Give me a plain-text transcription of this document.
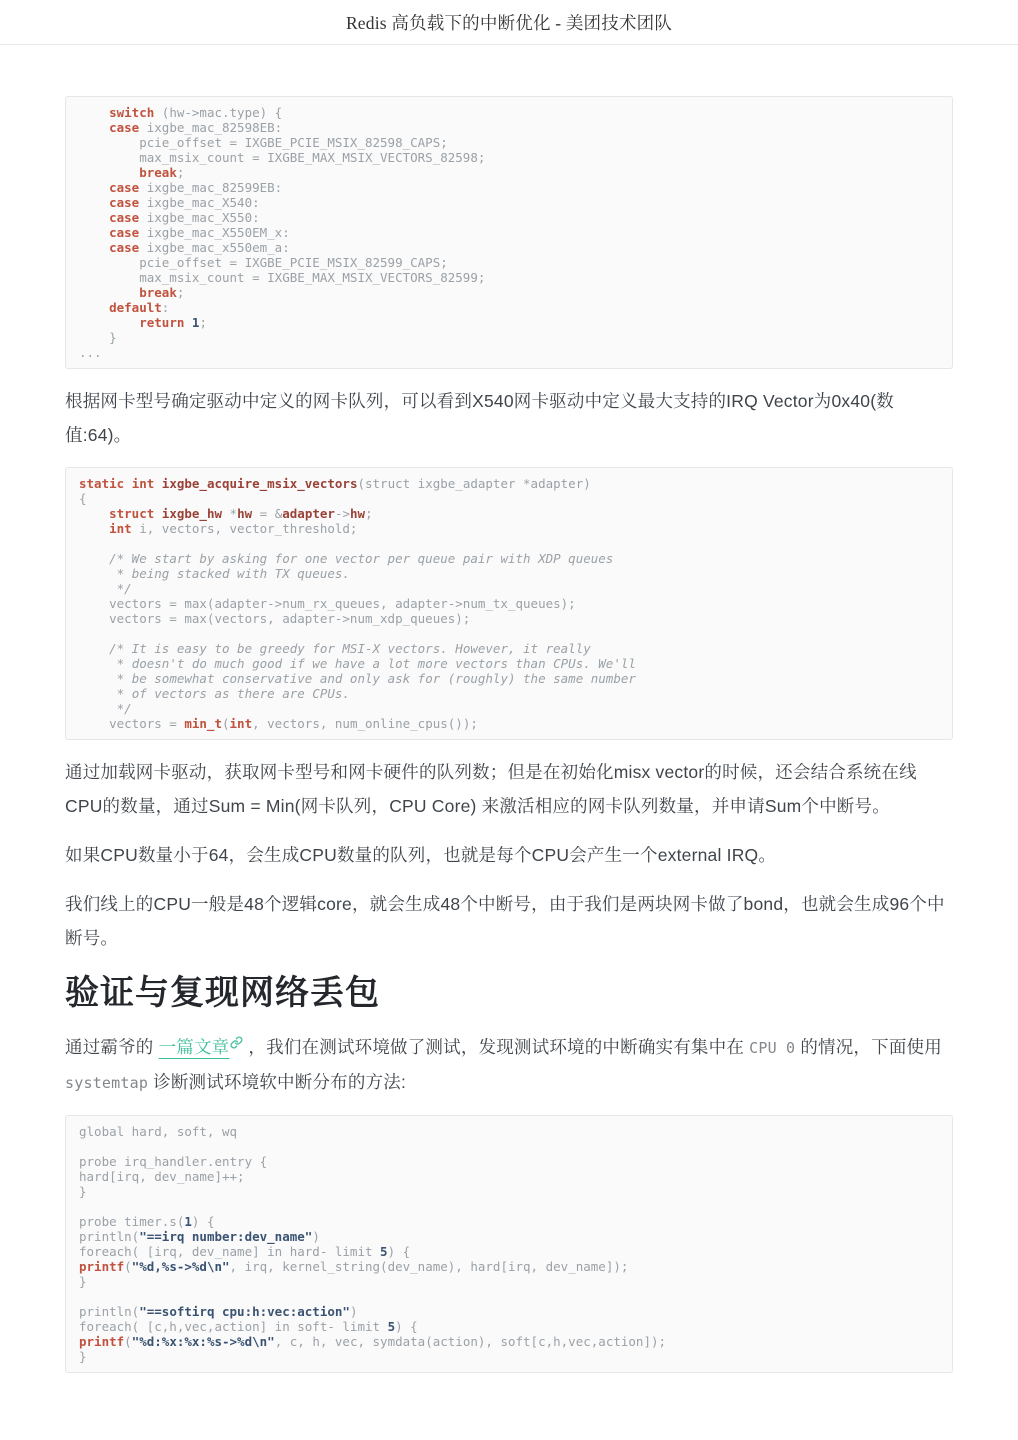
Redis 高负载下的中断优化 - 美团技术团队
switch (hw->mac.type) {
case ixgbe_mac_82598EB:
pcie_offset = IXGBE_PCIE_MSIX_82598_CAPS;
max_msix_count = IXGBE_MAX_MSIX_VECTORS_82598;
break;
case ixgbe_mac_82599EB:
case ixgbe_mac_X540:
case ixgbe_mac_X550:
case ixgbe_mac_X550EM_x:
case ixgbe_mac_x550em_a:
pcie_offset = IXGBE_PCIE_MSIX_82599_CAPS;
max_msix_count = IXGBE_MAX_MSIX_VECTORS_82599;
break;
default:
return 1;
}
...

根据网卡型号确定驱动中定义的网卡队列，可以看到X540网卡驱动中定义最大支持的IRQ Vector为0x40(数值:64)。

static int ixgbe_acquire_msix_vectors(struct ixgbe_adapter *adapter)
{
struct ixgbe_hw *hw = &adapter->hw;
int i, vectors, vector_threshold;

/* We start by asking for one vector per queue pair with XDP queues
* being stacked with TX queues.
*/
vectors = max(adapter->num_rx_queues, adapter->num_tx_queues);
vectors = max(vectors, adapter->num_xdp_queues);

/* It is easy to be greedy for MSI-X vectors. However, it really
* doesn't do much good if we have a lot more vectors than CPUs. We'll
* be somewhat conservative and only ask for (roughly) the same number
* of vectors as there are CPUs.
*/
vectors = min_t(int, vectors, num_online_cpus());

通过加载网卡驱动，获取网卡型号和网卡硬件的队列数；但是在初始化misx vector的时候，还会结合系统在线CPU的数量，通过Sum = Min(网卡队列，CPU Core) 来激活相应的网卡队列数量，并申请Sum个中断号。

如果CPU数量小于64，会生成CPU数量的队列，也就是每个CPU会产生一个external IRQ。

我们线上的CPU一般是48个逻辑core，就会生成48个中断号，由于我们是两块网卡做了bond，也就会生成96个中断号。

验证与复现网络丢包

通过霸爷的 一篇文章 ，我们在测试环境做了测试，发现测试环境的中断确实有集中在 CPU 0 的情况，下面使用 systemtap 诊断测试环境软中断分布的方法:

global hard, soft, wq

probe irq_handler.entry {
hard[irq, dev_name]++;
}

probe timer.s(1) {
println("==irq number:dev_name")
foreach( [irq, dev_name] in hard- limit 5) {
printf("%d,%s->%d\n", irq, kernel_string(dev_name), hard[irq, dev_name]);
}

println("==softirq cpu:h:vec:action")
foreach( [c,h,vec,action] in soft- limit 5) {
printf("%d:%x:%x:%s->%d\n", c, h, vec, symdata(action), soft[c,h,vec,action]);
}
